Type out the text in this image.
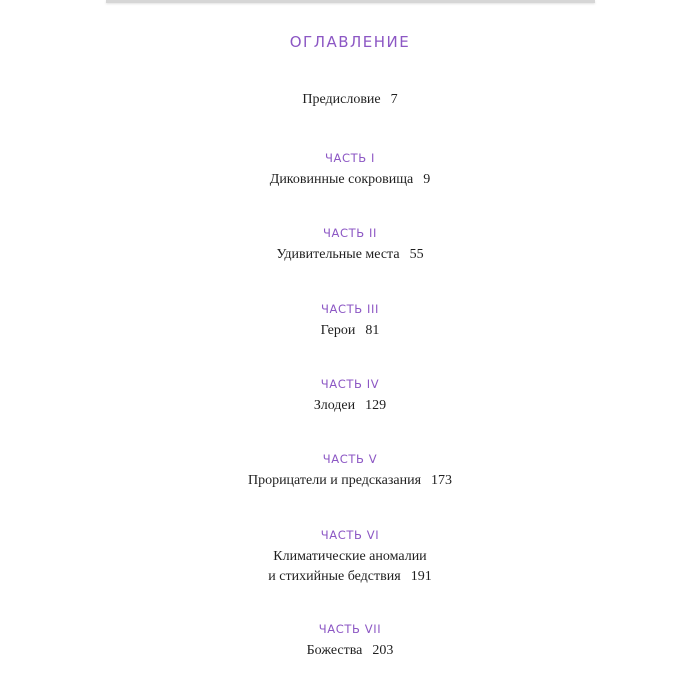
ОГЛАВЛЕНИЕ
Предисловие 7
ЧАСТЬ I
Диковинные сокровища 9
ЧАСТЬ II
Удивительные места 55
ЧАСТЬ III
Герои 81
ЧАСТЬ IV
Злодеи 129
ЧАСТЬ V
Прорицатели и предсказания 173
ЧАСТЬ VI
Климатические аномалии
и стихийные бедствия 191
ЧАСТЬ VII
Божества 203
